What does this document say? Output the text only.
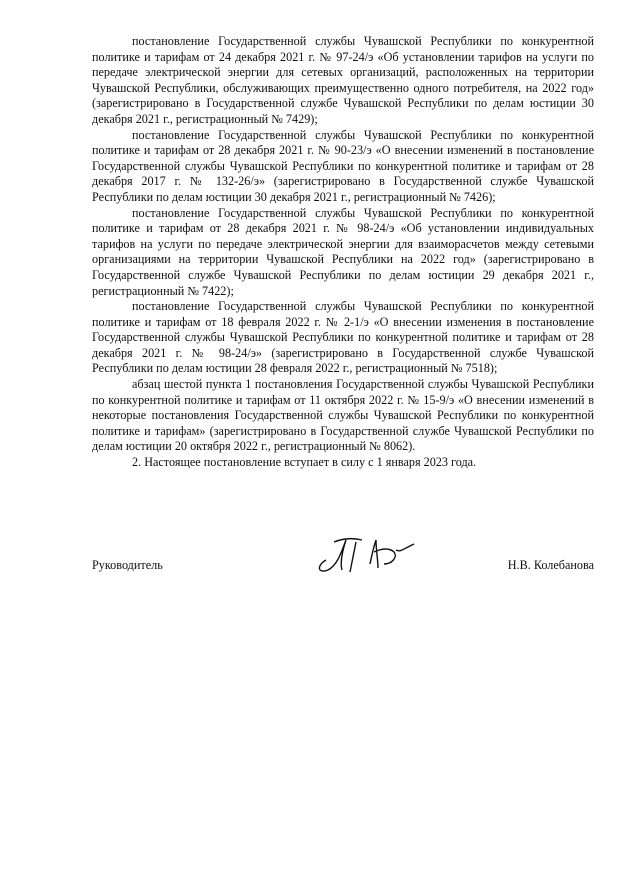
постановление Государственной службы Чувашской Республики по конкурентной политике и тарифам от 24 декабря 2021 г. № 97-24/э «Об установлении тарифов на услуги по передаче электрической энергии для сетевых организаций, расположенных на территории Чувашской Республики, обслуживающих преимущественно одного потребителя, на 2022 год» (зарегистрировано в Государственной службе Чувашской Республики по делам юстиции 30 декабря 2021 г., регистрационный № 7429);

постановление Государственной службы Чувашской Республики по конкурентной политике и тарифам от 28 декабря 2021 г. № 90-23/э «О внесении изменений в постановление Государственной службы Чувашской Республики по конкурентной политике и тарифам от 28 декабря 2017 г. № 132-26/э» (зарегистрировано в Государственной службе Чувашской Республики по делам юстиции 30 декабря 2021 г., регистрационный № 7426);

постановление Государственной службы Чувашской Республики по конкурентной политике и тарифам от 28 декабря 2021 г. № 98-24/э «Об установлении индивидуальных тарифов на услуги по передаче электрической энергии для взаиморасчетов между сетевыми организациями на территории Чувашской Республики на 2022 год» (зарегистрировано в Государственной службе Чувашской Республики по делам юстиции 29 декабря 2021 г., регистрационный № 7422);

постановление Государственной службы Чувашской Республики по конкурентной политике и тарифам от 18 февраля 2022 г. № 2-1/э «О внесении изменения в постановление Государственной службы Чувашской Республики по конкурентной политике и тарифам от 28 декабря 2021 г. № 98-24/э» (зарегистрировано в Государственной службе Чувашской Республики по делам юстиции 28 февраля 2022 г., регистрационный № 7518);

абзац шестой пункта 1 постановления Государственной службы Чувашской Республики по конкурентной политике и тарифам от 11 октября 2022 г. № 15-9/э «О внесении изменений в некоторые постановления Государственной службы Чувашской Республики по конкурентной политике и тарифам» (зарегистрировано в Государственной службе Чувашской Республики по делам юстиции 20 октября 2022 г., регистрационный № 8062).

2. Настоящее постановление вступает в силу с 1 января 2023 года.

Руководитель	Н.В. Колебанова
